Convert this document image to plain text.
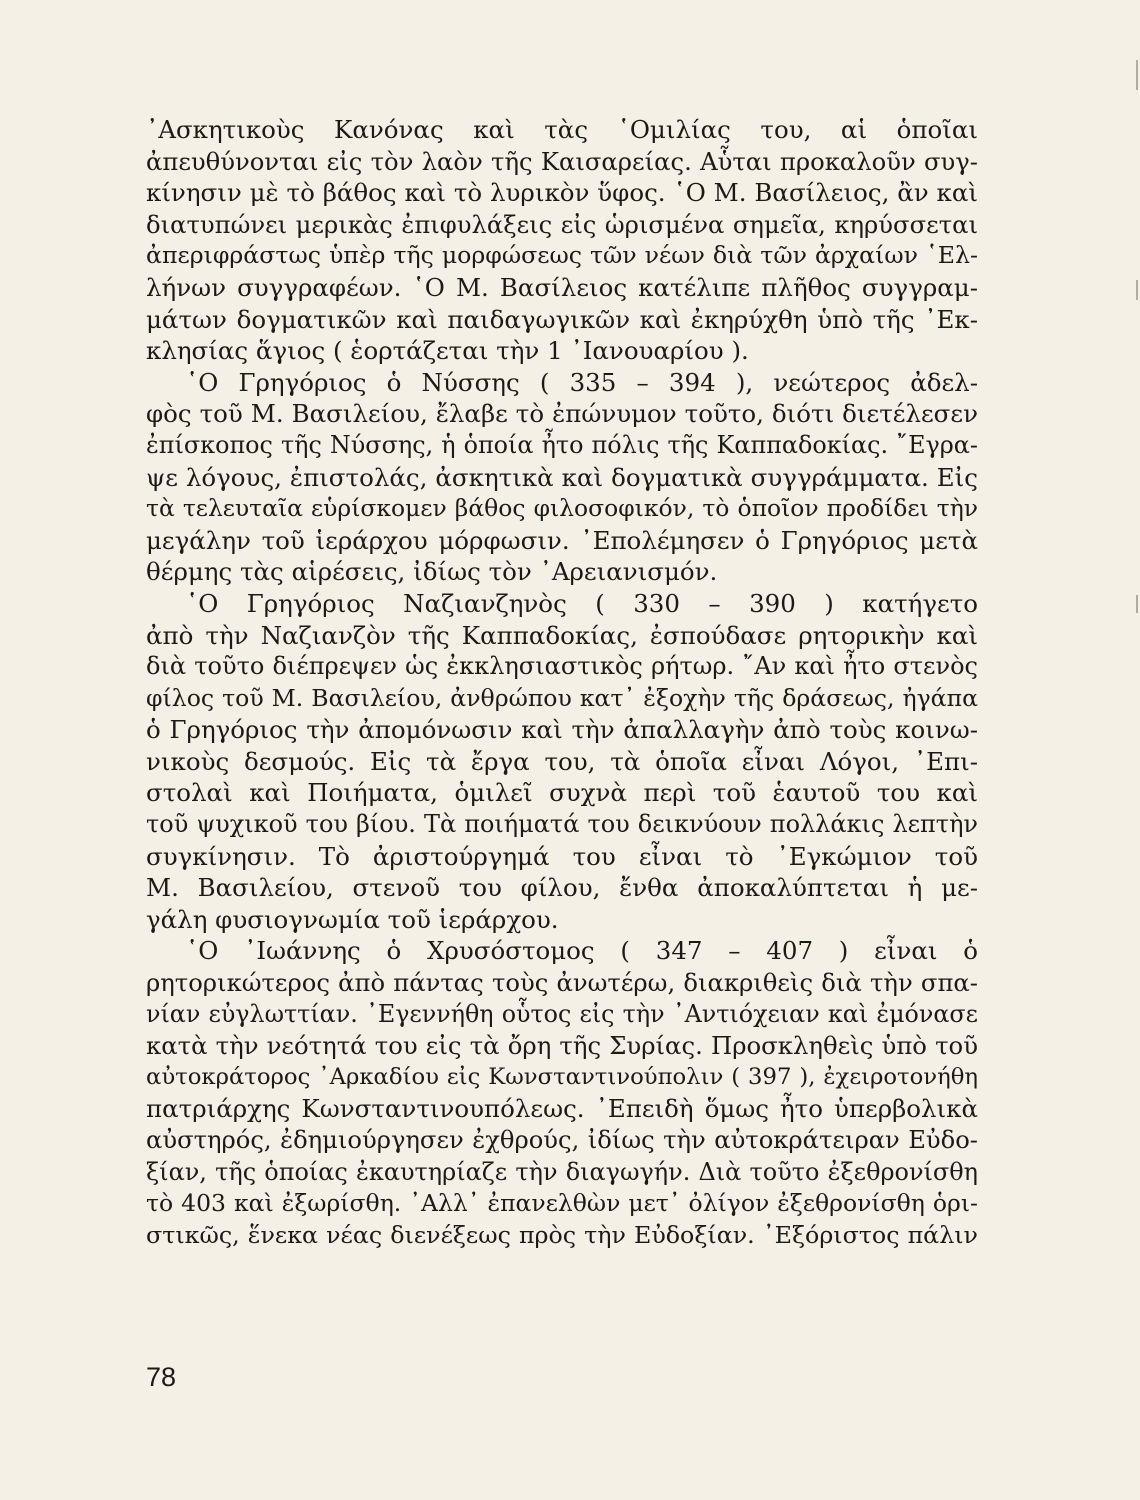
᾿Ασκητικοὺς Κανόνας καὶ τὰς ῾Ομιλίας του, αἱ ὁποῖαι
ἀπευθύνονται εἰς τὸν λαὸν τῆς Καισαρείας. Αὗται προκαλοῦν συγ-
κίνησιν μὲ τὸ βάθος καὶ τὸ λυρικὸν ὕφος. ῾Ο Μ. Βασίλειος, ἂν καὶ
διατυπώνει μερικὰς ἐπιφυλάξεις εἰς ὡρισμένα σημεῖα, κηρύσσεται
ἀπεριφράστως ὑπὲρ τῆς μορφώσεως τῶν νέων διὰ τῶν ἀρχαίων ῾Ελ-
λήνων συγγραφέων. ῾Ο Μ. Βασίλειος κατέλιπε πλῆθος συγγραμ-
μάτων δογματικῶν καὶ παιδαγωγικῶν καὶ ἐκηρύχθη ὑπὸ τῆς ᾿Εκ-
κλησίας ἅγιος ( ἑορτάζεται τὴν 1 ᾿Ιανουαρίου ).
῾Ο Γρηγόριος ὁ Νύσσης ( 335 – 394 ), νεώτερος ἀδελ-
φὸς τοῦ Μ. Βασιλείου, ἔλαβε τὸ ἐπώνυμον τοῦτο, διότι διετέλεσεν
ἐπίσκοπος τῆς Νύσσης, ἡ ὁποία ἦτο πόλις τῆς Καππαδοκίας. ῎Εγρα-
ψε λόγους, ἐπιστολάς, ἀσκητικὰ καὶ δογματικὰ συγγράμματα. Εἰς
τὰ τελευταῖα εὑρίσκομεν βάθος φιλοσοφικόν, τὸ ὁποῖον προδίδει τὴν
μεγάλην τοῦ ἱεράρχου μόρφωσιν. ᾿Επολέμησεν ὁ Γρηγόριος μετὰ
θέρμης τὰς αἱρέσεις, ἰδίως τὸν ᾿Αρειανισμόν.
῾Ο Γρηγόριος Ναζιανζηνὸς ( 330 – 390 ) κατήγετο
ἀπὸ τὴν Ναζιανζὸν τῆς Καππαδοκίας, ἐσπούδασε ρητορικὴν καὶ
διὰ τοῦτο διέπρεψεν ὡς ἐκκλησιαστικὸς ρήτωρ. ῎Αν καὶ ἦτο στενὸς
φίλος τοῦ Μ. Βασιλείου, ἀνθρώπου κατ᾿ ἐξοχὴν τῆς δράσεως, ἠγάπα
ὁ Γρηγόριος τὴν ἀπομόνωσιν καὶ τὴν ἀπαλλαγὴν ἀπὸ τοὺς κοινω-
νικοὺς δεσμούς. Εἰς τὰ ἔργα του, τὰ ὁποῖα εἶναι Λόγοι, ᾿Επι-
στολαὶ καὶ Ποιήματα, ὁμιλεῖ συχνὰ περὶ τοῦ ἑαυτοῦ του καὶ
τοῦ ψυχικοῦ του βίου. Τὰ ποιήματά του δεικνύουν πολλάκις λεπτὴν
συγκίνησιν. Τὸ ἀριστούργημά του εἶναι τὸ ᾿Εγκώμιον τοῦ
Μ. Βασιλείου, στενοῦ του φίλου, ἔνθα ἀποκαλύπτεται ἡ με-
γάλη φυσιογνωμία τοῦ ἱεράρχου.
῾Ο ᾿Ιωάννης ὁ Χρυσόστομος ( 347 – 407 ) εἶναι ὁ
ρητορικώτερος ἀπὸ πάντας τοὺς ἀνωτέρω, διακριθεὶς διὰ τὴν σπα-
νίαν εὐγλωττίαν. ᾿Εγεννήθη οὗτος εἰς τὴν ᾿Αντιόχειαν καὶ ἐμόνασε
κατὰ τὴν νεότητά του εἰς τὰ ὄρη τῆς Συρίας. Προσκληθεὶς ὑπὸ τοῦ
αὐτοκράτορος ᾿Αρκαδίου εἰς Κωνσταντινούπολιν ( 397 ), ἐχειροτονήθη
πατριάρχης Κωνσταντινουπόλεως. ᾿Επειδὴ ὅμως ἦτο ὑπερβολικὰ
αὐστηρός, ἐδημιούργησεν ἐχθρούς, ἰδίως τὴν αὐτοκράτειραν Εὐδο-
ξίαν, τῆς ὁποίας ἐκαυτηρίαζε τὴν διαγωγήν. Διὰ τοῦτο ἐξεθρονίσθη
τὸ 403 καὶ ἐξωρίσθη. ᾿Αλλ᾿ ἐπανελθὼν μετ᾿ ὀλίγον ἐξεθρονίσθη ὁρι-
στικῶς, ἕνεκα νέας διενέξεως πρὸς τὴν Εὐδοξίαν. ᾿Εξόριστος πάλιν
78
